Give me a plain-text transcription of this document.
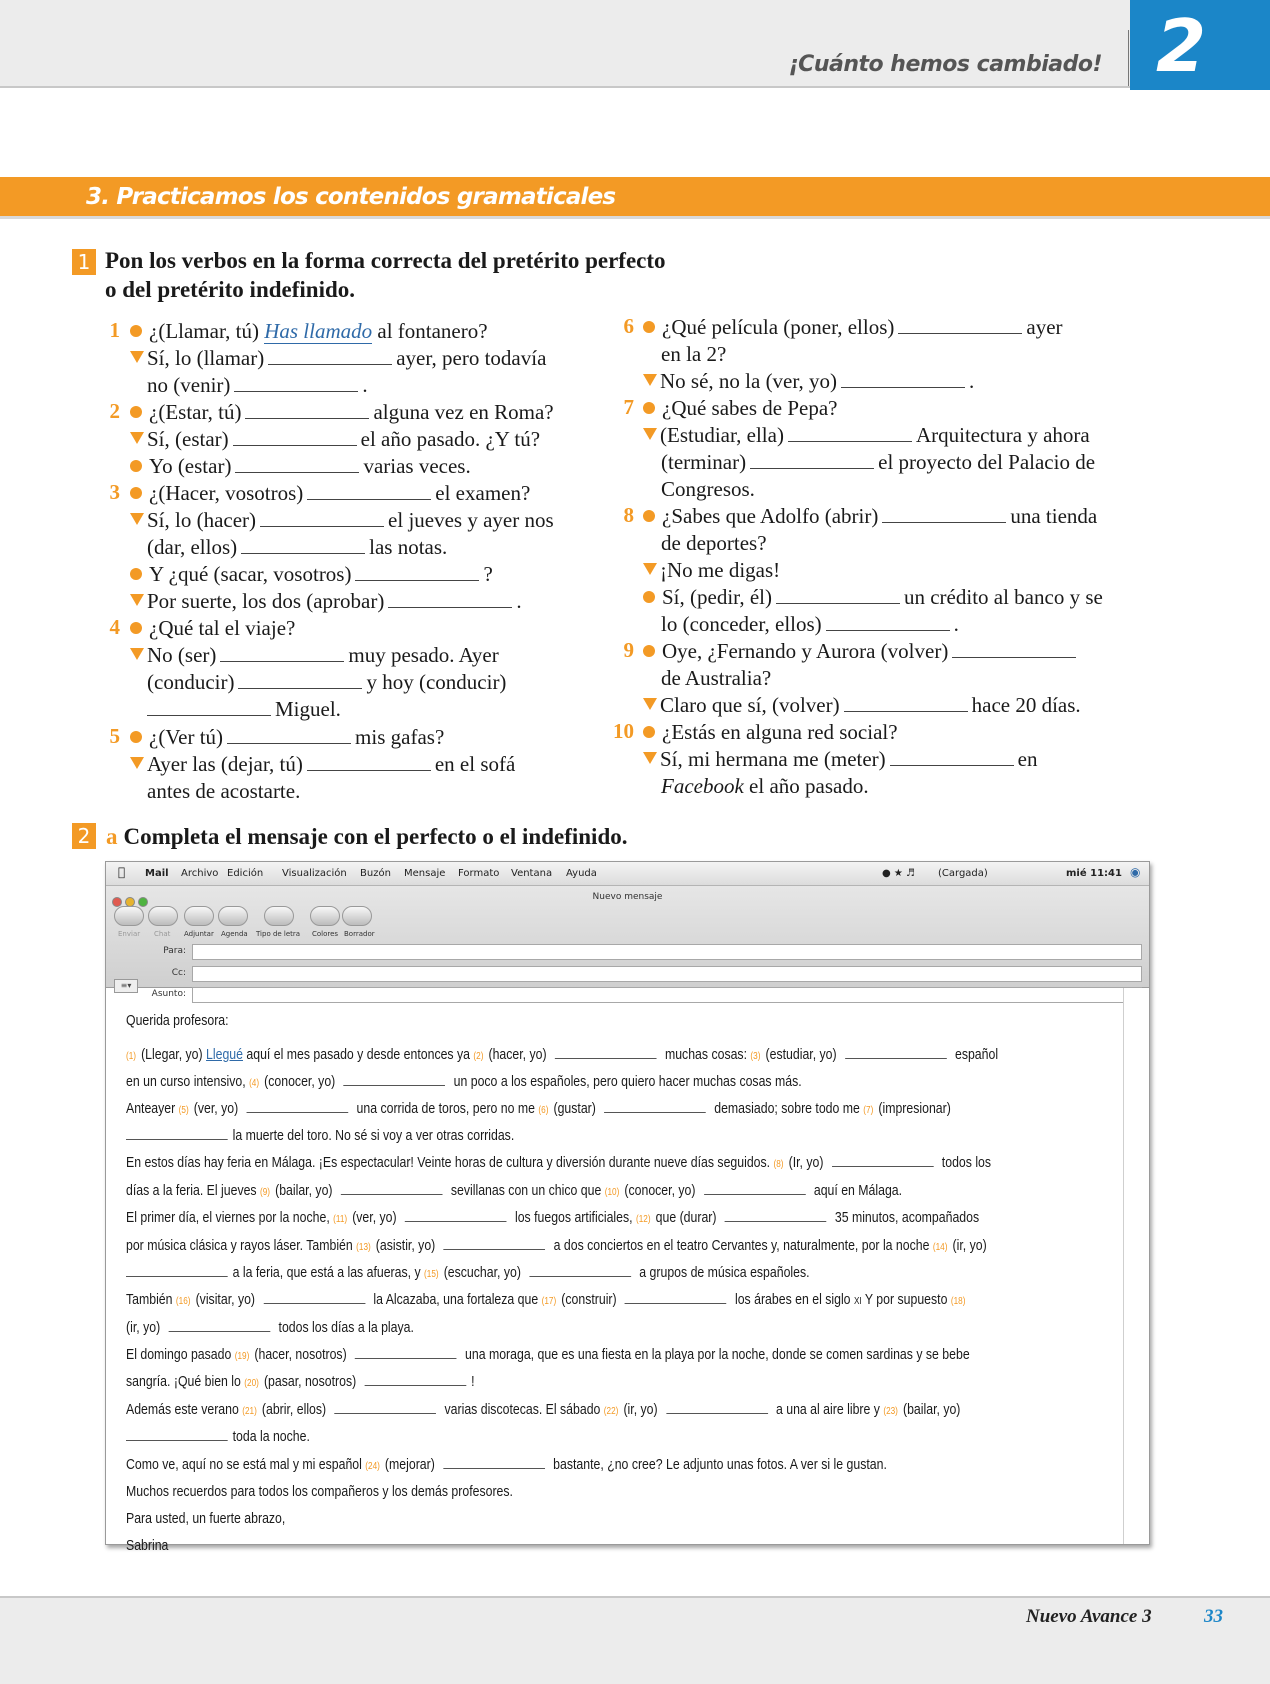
¡Cuánto hemos cambiado! 2
3. Practicamos los contenidos gramaticales
1 Pon los verbos en la forma correcta del pretérito perfecto
o del pretérito indefinido.
1
2
3
4
5
¿(Llamar, tú) Has llamado al fontanero?
Sí, lo (llamar)	ayer, pero todavía
no (venir)	.
¿(Estar, tú)	alguna vez en Roma?
Sí, (estar)	el año pasado. ¿Y tú?
Yo (estar)	varias veces.
¿(Hacer, vosotros)	el examen?
Sí, lo (hacer)	el jueves y ayer nos
(dar, ellos)	las notas.
Y ¿qué (sacar, vosotros)	?
Por suerte, los dos (aprobar)	.
¿Qué tal el viaje?
No (ser)	muy pesado. Ayer
(conducir)	y hoy (conducir)
Miguel.
¿(Ver tú)	mis gafas?
Ayer las (dejar, tú)	en el sofá
antes de acostarte.
6
7
8
9
10
¿Qué película (poner, ellos)	ayer
en la 2?
No sé, no la (ver, yo)	.
¿Qué sabes de Pepa?
(Estudiar, ella)	Arquitectura y ahora
(terminar)	el proyecto del Palacio de
Congresos.
¿Sabes que Adolfo (abrir)	una tienda
de deportes?
¡No me digas!
Sí, (pedir, él)	un crédito al banco y se
lo (conceder, ellos)	.
Oye, ¿Fernando y Aurora (volver)
de Australia?
Claro que sí, (volver)	hace 20 días.
¿Estás en alguna red social?
Sí, mi hermana me (meter)	en
Facebook el año pasado.
2 a Completa el mensaje con el perfecto o el indefinido.
Mail Archivo Edición Visualización Buzón Mensaje Formato Ventana Ayuda	● ★ ♬ (Cargada)	mié 11:41 ◉
Nuevo mensaje
Enviar Chat Adjuntar Agenda Tipo de letra Colores Borrador
Para:
Cc:
Asunto:
≡▾
Querida profesora:
(1) (Llegar, yo) Llegué aquí el mes pasado y desde entonces ya (2) (hacer, yo)	muchas cosas: (3) (estudiar, yo)	español
en un curso intensivo, (4) (conocer, yo)	un poco a los españoles, pero quiero hacer muchas cosas más.
Anteayer (5) (ver, yo)	una corrida de toros, pero no me (6) (gustar)	demasiado; sobre todo me (7) (impresionar)
la muerte del toro. No sé si voy a ver otras corridas.
En estos días hay feria en Málaga. ¡Es espectacular! Veinte horas de cultura y diversión durante nueve días seguidos. (8) (Ir, yo)	todos los
días a la feria. El jueves (9) (bailar, yo)	sevillanas con un chico que (10) (conocer, yo)	aquí en Málaga.
El primer día, el viernes por la noche, (11) (ver, yo)	los fuegos artificiales, (12) que (durar)	35 minutos, acompañados
por música clásica y rayos láser. También (13) (asistir, yo)	a dos conciertos en el teatro Cervantes y, naturalmente, por la noche (14) (ir, yo)
a la feria, que está a las afueras, y (15) (escuchar, yo)	a grupos de música españoles.
También (16) (visitar, yo)	la Alcazaba, una fortaleza que (17) (construir)	los árabes en el siglo XI Y por supuesto (18)
(ir, yo)	todos los días a la playa.
El domingo pasado (19) (hacer, nosotros)	una moraga, que es una fiesta en la playa por la noche, donde se comen sardinas y se bebe
sangría. ¡Qué bien lo (20) (pasar, nosotros)	!
Además este verano (21) (abrir, ellos)	varias discotecas. El sábado (22) (ir, yo)	a una al aire libre y (23) (bailar, yo)
toda la noche.
Como ve, aquí no se está mal y mi español (24) (mejorar)	bastante, ¿no cree? Le adjunto unas fotos. A ver si le gustan.
Muchos recuerdos para todos los compañeros y los demás profesores.
Para usted, un fuerte abrazo,
Sabrina
Nuevo Avance 3	33
